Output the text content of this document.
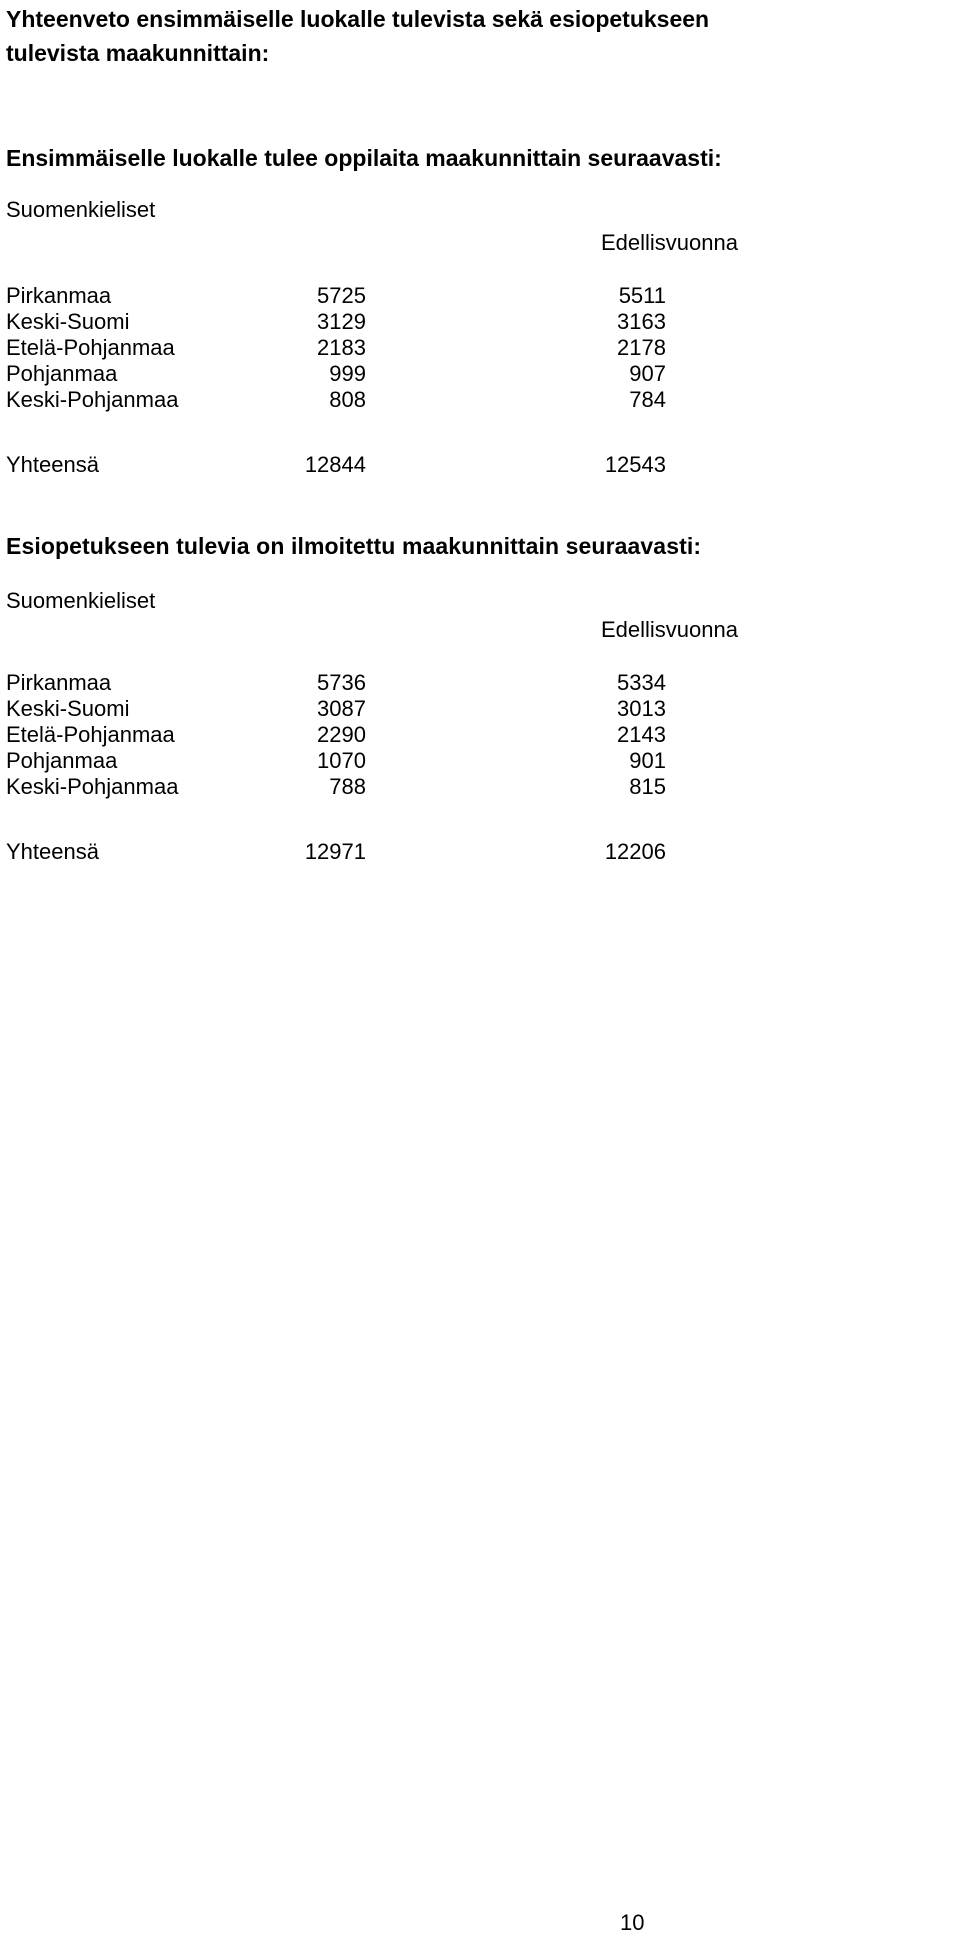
Yhteenveto ensimmäiselle luokalle tulevista sekä esiopetukseen tulevista maakunnittain:
Ensimmäiselle luokalle tulee oppilaita maakunnittain seuraavasti:
Suomenkieliset
Edellisvuonna
Pirkanmaa	5725	5511
Keski-Suomi	3129	3163
Etelä-Pohjanmaa	2183	2178
Pohjanmaa	999	907
Keski-Pohjanmaa	808	784
Yhteensä	12844	12543
Esiopetukseen tulevia on ilmoitettu maakunnittain seuraavasti:
Suomenkieliset
Edellisvuonna
Pirkanmaa	5736	5334
Keski-Suomi	3087	3013
Etelä-Pohjanmaa	2290	2143
Pohjanmaa	1070	901
Keski-Pohjanmaa	788	815
Yhteensä	12971	12206
10
